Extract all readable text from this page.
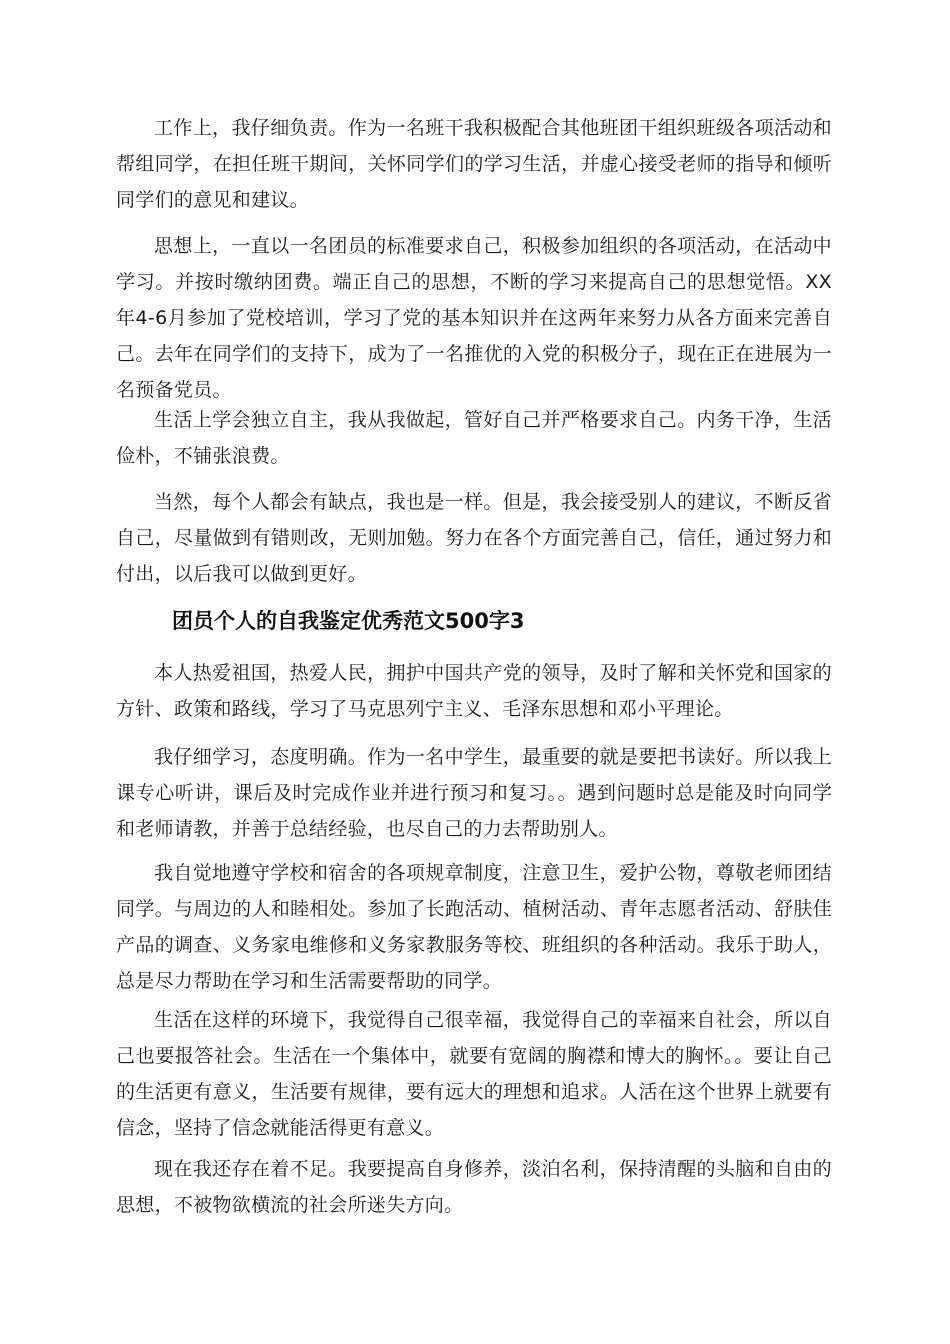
工作上，我仔细负责。作为一名班干我积极配合其他班团干组织班级各项活动和帮组同学，在担任班干期间，关怀同学们的学习生活，并虚心接受老师的指导和倾听同学们的意见和建议。

思想上，一直以一名团员的标准要求自己，积极参加组织的各项活动，在活动中学习。并按时缴纳团费。端正自己的思想，不断的学习来提高自己的思想觉悟。XX年4-6月参加了党校培训，学习了党的基本知识并在这两年来努力从各方面来完善自己。去年在同学们的支持下，成为了一名推优的入党的积极分子，现在正在进展为一名预备党员。

生活上学会独立自主，我从我做起，管好自己并严格要求自己。内务干净，生活俭朴，不铺张浪费。

当然，每个人都会有缺点，我也是一样。但是，我会接受别人的建议，不断反省自己，尽量做到有错则改，无则加勉。努力在各个方面完善自己，信任，通过努力和付出，以后我可以做到更好。

团员个人的自我鉴定优秀范文500字3

本人热爱祖国，热爱人民，拥护中国共产党的领导，及时了解和关怀党和国家的方针、政策和路线，学习了马克思列宁主义、毛泽东思想和邓小平理论。

我仔细学习，态度明确。作为一名中学生，最重要的就是要把书读好。所以我上课专心听讲，课后及时完成作业并进行预习和复习。。遇到问题时总是能及时向同学和老师请教，并善于总结经验，也尽自己的力去帮助别人。

我自觉地遵守学校和宿舍的各项规章制度，注意卫生，爱护公物，尊敬老师团结同学。与周边的人和睦相处。参加了长跑活动、植树活动、青年志愿者活动、舒肤佳产品的调查、义务家电维修和义务家教服务等校、班组织的各种活动。我乐于助人，总是尽力帮助在学习和生活需要帮助的同学。

生活在这样的环境下，我觉得自己很幸福，我觉得自己的幸福来自社会，所以自己也要报答社会。生活在一个集体中，就要有宽阔的胸襟和博大的胸怀。。要让自己的生活更有意义，生活要有规律，要有远大的理想和追求。人活在这个世界上就要有信念，坚持了信念就能活得更有意义。

现在我还存在着不足。我要提高自身修养，淡泊名利，保持清醒的头脑和自由的思想，不被物欲横流的社会所迷失方向。
